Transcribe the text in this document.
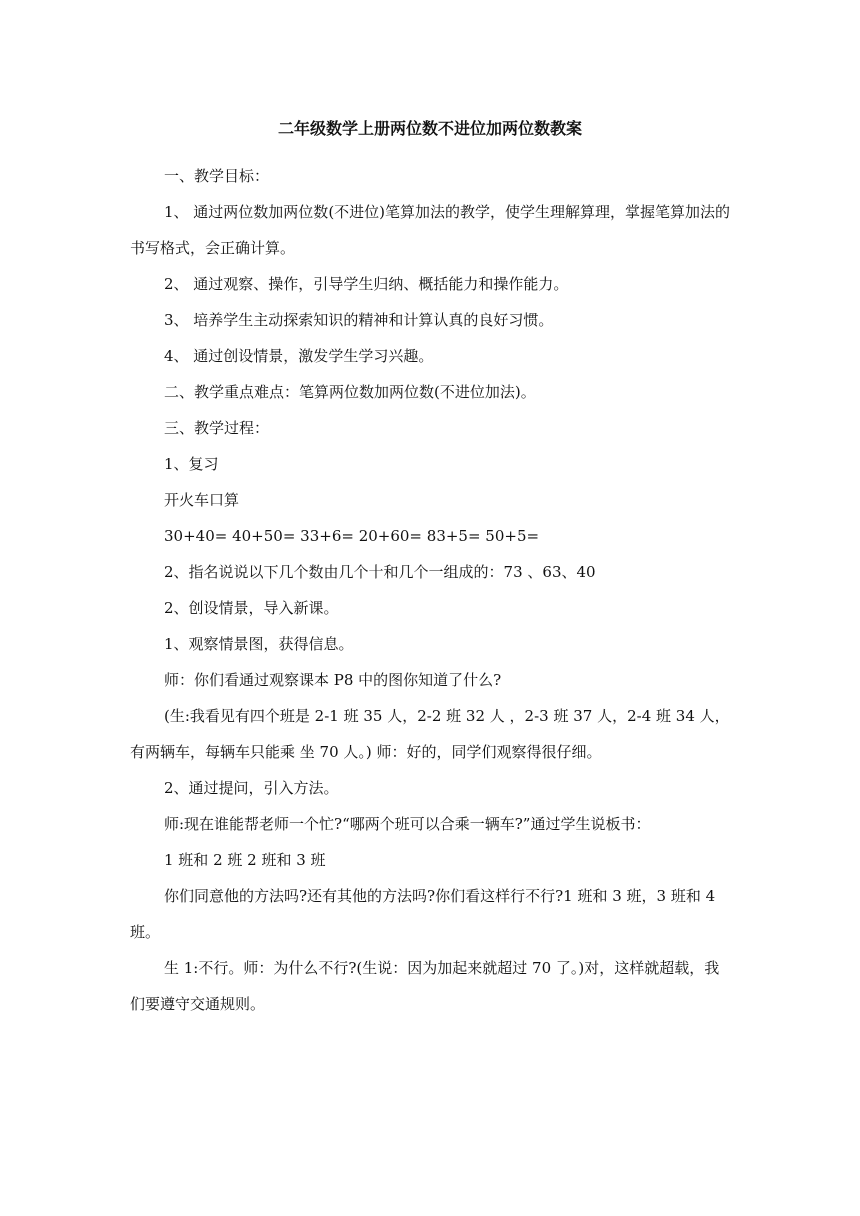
二年级数学上册两位数不进位加两位数教案

一、教学目标：

1、 通过两位数加两位数(不进位)笔算加法的教学，使学生理解算理，掌握笔算加法的书写格式，会正确计算。

2、 通过观察、操作，引导学生归纳、概括能力和操作能力。

3、 培养学生主动探索知识的精神和计算认真的良好习惯。

4、 通过创设情景，激发学生学习兴趣。

二、教学重点难点：笔算两位数加两位数(不进位加法)。

三、教学过程：

1、复习

开火车口算

30+40= 40+50= 33+6= 20+60= 83+5= 50+5=

2、指名说说以下几个数由几个十和几个一组成的：73 、63、40

2、创设情景，导入新课。

1、观察情景图，获得信息。

师：你们看通过观察课本 P8 中的图你知道了什么?

(生:我看见有四个班是 2-1 班 35 人，2-2 班 32 人 ，2-3 班 37 人，2-4 班 34 人，有两辆车，每辆车只能乘 坐 70 人。) 师：好的，同学们观察得很仔细。

2、通过提问，引入方法。

师:现在谁能帮老师一个忙?“哪两个班可以合乘一辆车?”通过学生说板书：

1 班和 2 班 2 班和 3 班

你们同意他的方法吗?还有其他的方法吗?你们看这样行不行?1 班和 3 班，3 班和 4 班。

生 1:不行。师：为什么不行?(生说：因为加起来就超过 70 了。)对，这样就超载，我们要遵守交通规则。
